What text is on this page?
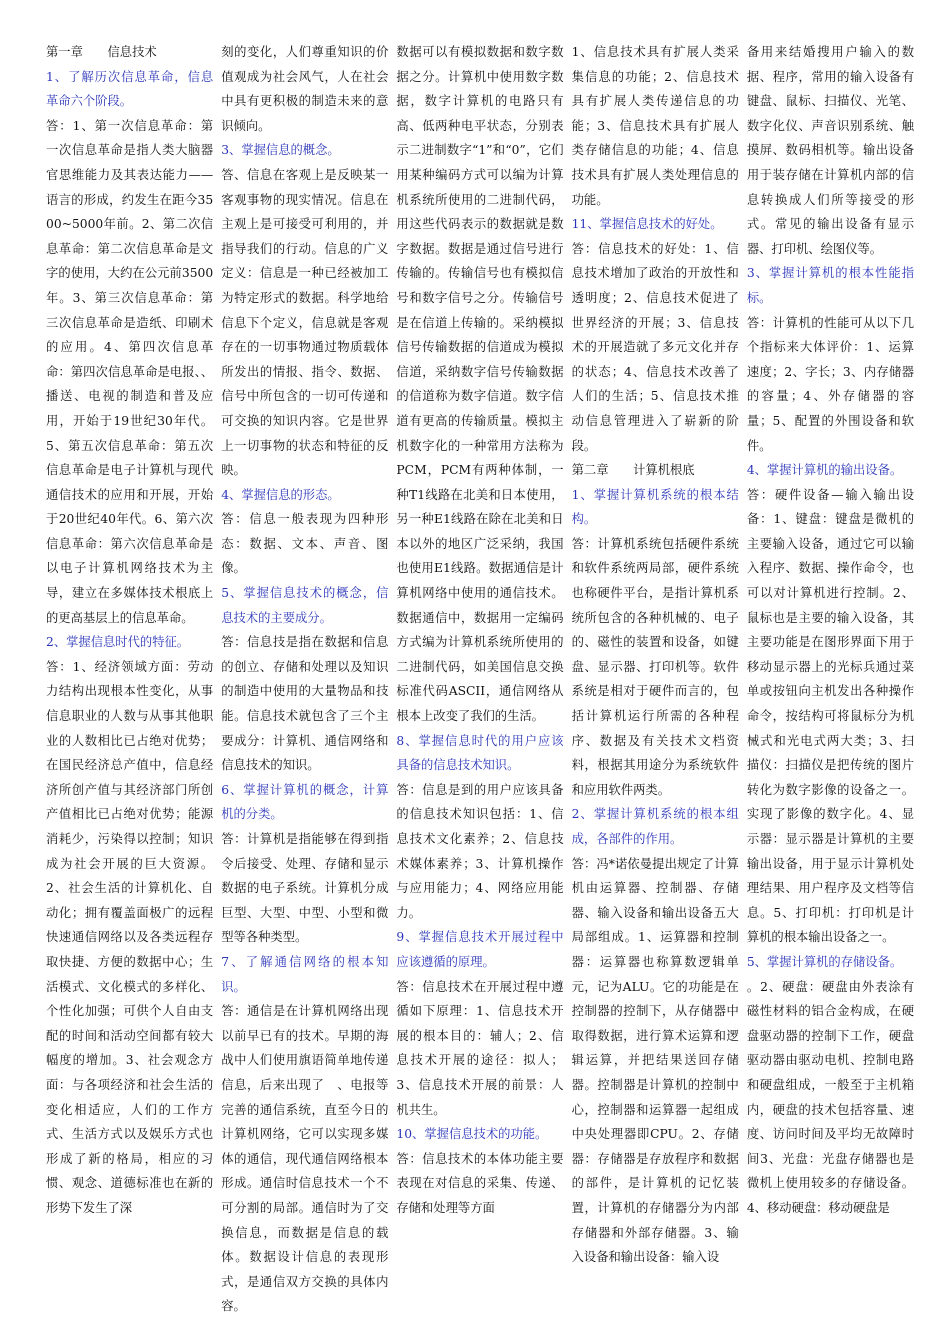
第一章　　信息技术
1、了解历次信息革命，信息革命六个阶段。
答：1、第一次信息革命：第一次信息革命是指人类大脑器官思维能力及其表达能力——语言的形成，约发生在距今3500~5000年前。2、第二次信息革命：第二次信息革命是文字的使用，大约在公元前3500年。3、第三次信息革命：第三次信息革命是造纸、印刷术的应用。4、第四次信息革命：第四次信息革命是电报、、播送、电视的制造和普及应用，开始于19世纪30年代。5、第五次信息革命：第五次信息革命是电子计算机与现代通信技术的应用和开展，开始于20世纪40年代。6、第六次信息革命：第六次信息革命是以电子计算机网络技术为主导，建立在多媒体技术根底上的更高基层上的信息革命。
2、掌握信息时代的特征。
答：1、经济领域方面：劳动力结构出现根本性变化，从事信息职业的人数与从事其他职业的人数相比已占绝对优势；在国民经济总产值中，信息经济所创产值与其经济部门所创产值相比已占绝对优势；能源消耗少，污染得以控制；知识成为社会开展的巨大资源。2、社会生活的计算机化、自动化；拥有覆盖面极广的远程快速通信网络以及各类远程存取快捷、方便的数据中心；生活模式、文化模式的多样化、个性化加强；可供个人自由支配的时间和活动空间都有较大幅度的增加。3、社会观念方面：与各项经济和社会生活的变化相适应，人们的工作方式、生活方式以及娱乐方式也形成了新的格局，相应的习惯、观念、道德标准也在新的形势下发生了深
刻的变化，人们尊重知识的价值观成为社会风气，人在社会中具有更积极的制造未来的意识倾向。
3、掌握信息的概念。
答、信息在客观上是反映某一客观事物的现实情况。信息在主观上是可接受可利用的，并指导我们的行动。信息的广义定义：信息是一种已经被加工为特定形式的数据。科学地给信息下个定义，信息就是客观存在的一切事物通过物质载体所发出的情报、指令、数据、信号中所包含的一切可传递和可交换的知识内容。它是世界上一切事物的状态和特征的反映。
4、掌握信息的形态。
答：信息一般表现为四种形态：数据、文本、声音、图像。
5、掌握信息技术的概念，信息技术的主要成分。
答：信息技是指在数据和信息的创立、存储和处理以及知识的制造中使用的大量物品和技能。信息技术就包含了三个主要成分：计算机、通信网络和信息技术的知识。
6、掌握计算机的概念，计算机的分类。
答：计算机是指能够在得到指令后接受、处理、存储和显示数据的电子系统。计算机分成巨型、大型、中型、小型和微型等各种类型。
7、了解通信网络的根本知识。
答：通信是在计算机网络出现以前早已有的技术。早期的海战中人们使用旗语简单地传递信息，后来出现了　、电报等完善的通信系统，直至今日的计算机网络，它可以实现多媒体的通信，现代通信网络根本形成。通信时信息技术一个不可分割的局部。通信时为了交换信息，而数据是信息的载体。数据设计信息的表现形式，是通信双方交换的具体内容。
数据可以有模拟数据和数字数据之分。计算机中使用数字数据，数字计算机的电路只有高、低两种电平状态，分别表示二进制数字“1”和“0”，它们用某种编码方式可以编为计算机系统所使用的二进制代码，用这些代码表示的数据就是数字数据。数据是通过信号进行传输的。传输信号也有模拟信号和数字信号之分。传输信号是在信道上传输的。采纳模拟信号传输数据的信道成为模拟信道，采纳数字信号传输数据的信道称为数字信道。数字信道有更高的传输质量。模拟主机数字化的一种常用方法称为PCM，PCM有两种体制，一种T1线路在北美和日本使用，另一种E1线路在除在北美和日本以外的地区广泛采纳，我国也使用E1线路。数据通信是计算机网络中使用的通信技术。数据通信中，数据用一定编码方式编为计算机系统所使用的二进制代码，如美国信息交换标准代码ASCII，通信网络从根本上改变了我们的生活。
8、掌握信息时代的用户应该具备的信息技术知识。
答：信息是到的用户应该具备的信息技术知识包括：1、信息技术文化素养；2、信息技术媒体素养；3、计算机操作与应用能力；4、网络应用能力。
9、掌握信息技术开展过程中应该遵循的原理。
答：信息技术在开展过程中遵循如下原理：1、信息技术开展的根本目的：辅人；2、信息技术开展的途径：拟人；3、信息技术开展的前景：人机共生。
10、掌握信息技术的功能。
答：信息技术的本体功能主要表现在对信息的采集、传递、存储和处理等方面
1、信息技术具有扩展人类采集信息的功能；2、信息技术具有扩展人类传递信息的功能；3、信息技术具有扩展人类存储信息的功能；4、信息技术具有扩展人类处理信息的功能。
11、掌握信息技术的好处。
答：信息技术的好处：1、信息技术增加了政治的开放性和透明度；2、信息技术促进了世界经济的开展；3、信息技术的开展造就了多元文化并存的状态；4、信息技术改善了人们的生活；5、信息技术推动信息管理进入了崭新的阶段。
第二章　　计算机根底
1、掌握计算机系统的根本结构。
答：计算机系统包括硬件系统和软件系统两局部，硬件系统也称硬件平台，是指计算机系统所包含的各种机械的、电子的、磁性的装置和设备，如键盘、显示器、打印机等。软件系统是相对于硬件而言的，包括计算机运行所需的各种程序、数据及有关技术文档资料，根据其用途分为系统软件和应用软件两类。
2、掌握计算机系统的根本组成，各部件的作用。
答：冯*诺依曼提出规定了计算机由运算器、控制器、存储器、输入设备和输出设备五大局部组成。1、运算器和控制器：运算器也称算数逻辑单元，记为ALU。它的功能是在控制器的控制下，从存储器中取得数据，进行算术运算和逻辑运算，并把结果送回存储器。控制器是计算机的控制中心，控制器和运算器一起组成中央处理器即CPU。2、存储器：存储器是存放程序和数据的部件，是计算机的记忆装置，计算机的存储器分为内部存储器和外部存储器。3、输入设备和输出设备：输入设
备用来结婚搜用户输入的数据、程序，常用的输入设备有键盘、鼠标、扫描仪、光笔、数字化仪、声音识别系统、触摸屏、数码相机等。输出设备用于装存储在计算机内部的信息转换成人们所等接受的形式。常见的输出设备有显示器、打印机、绘图仪等。
3、掌握计算机的根本性能指标。
答：计算机的性能可从以下几个指标来大体评价：1、运算速度；2、字长；3、内存储器的容量；4、外存储器的容量；5、配置的外围设备和软件。
4、掌握计算机的输出设备。
答：硬件设备—输入输出设备：1、键盘：键盘是微机的主要输入设备，通过它可以输入程序、数据、操作命令，也可以对计算机进行控制。2、鼠标也是主要的输入设备，其主要功能是在图形界面下用于移动显示器上的光标兵通过菜单或按钮向主机发出各种操作命令，按结构可将鼠标分为机械式和光电式两大类；3、扫描仪：扫描仪是把传统的图片转化为数字影像的设备之一。实现了影像的数字化。4、显示器：显示器是计算机的主要输出设备，用于显示计算机处理结果、用户程序及文档等信息。5、打印机：打印机是计算机的根本输出设备之一。
5、掌握计算机的存储设备。
。2、硬盘：硬盘由外表涂有磁性材料的铝合金构成，在硬盘驱动器的控制下工作，硬盘驱动器由驱动电机、控制电路和硬盘组成，一般至于主机箱内，硬盘的技术包括容量、速度、访问时间及平均无故障时间3、光盘：光盘存储器也是微机上使用较多的存储设备。4、移动硬盘：移动硬盘是
